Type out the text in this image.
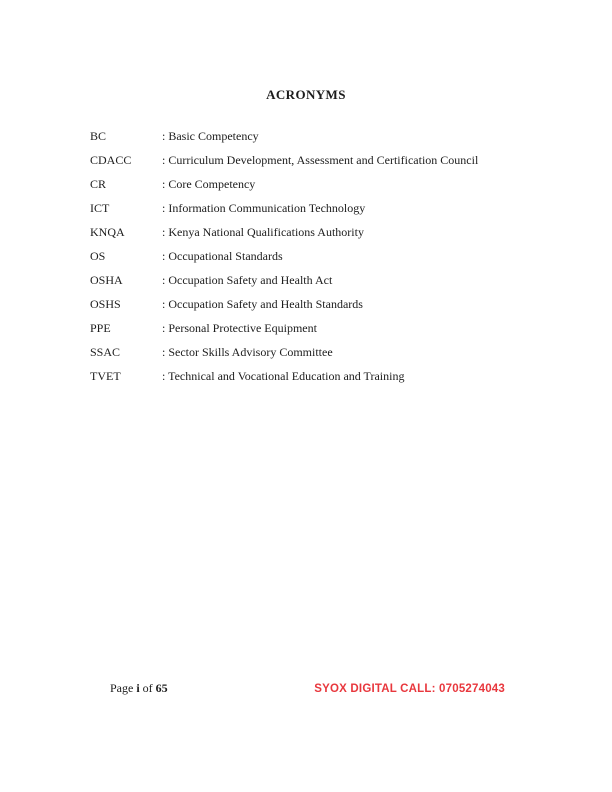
ACRONYMS
BC	: Basic Competency
CDACC	: Curriculum Development, Assessment and Certification Council
CR	: Core Competency
ICT	: Information Communication Technology
KNQA	: Kenya National Qualifications Authority
OS	: Occupational Standards
OSHA	: Occupation Safety and Health Act
OSHS	: Occupation Safety and Health Standards
PPE	: Personal Protective Equipment
SSAC	: Sector Skills Advisory Committee
TVET	: Technical and Vocational Education and Training
Page i of 65	SYOX DIGITAL CALL: 0705274043
